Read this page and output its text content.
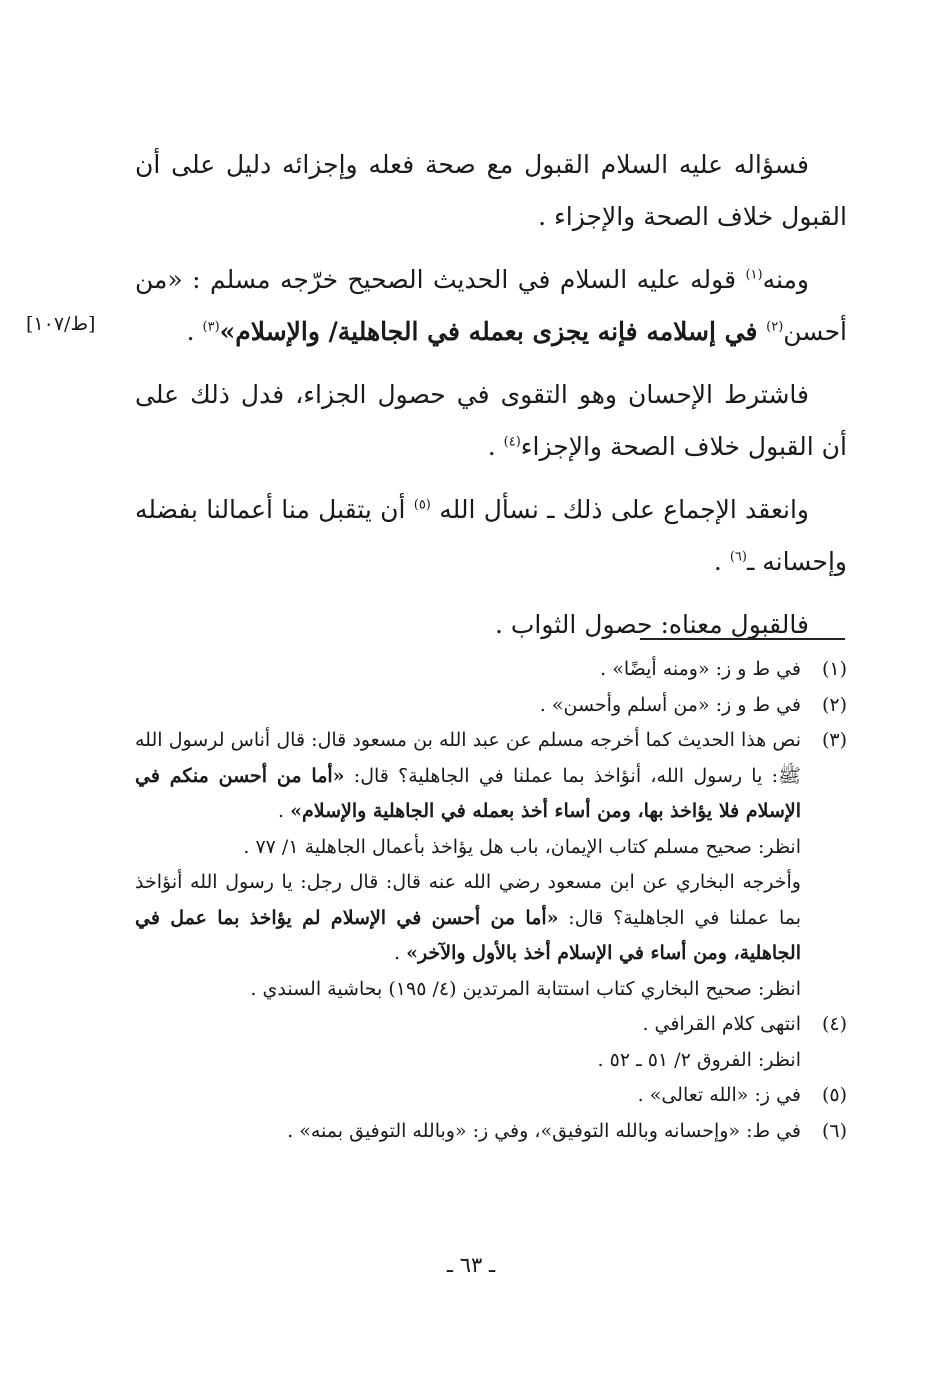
[ط/١٠٧]

فسؤاله عليه السلام القبول مع صحة فعله وإجزائه دليل على أن القبول خلاف الصحة والإجزاء .

ومنه$^{(١)}$ قوله عليه السلام في الحديث الصحيح خرّجه مسلم : «من أحسن$^{(٢)}$ في إسلامه فإنه يجزى بعمله في الجاهلية/ والإسلام»$^{(٣)}$ .

فاشترط الإحسان وهو التقوى في حصول الجزاء، فدل ذلك على أن القبول خلاف الصحة والإجزاء$^{(٤)}$ .

وانعقد الإجماع على ذلك ـ نسأل الله $^{(٥)}$ أن يتقبل منا أعمالنا بفضله وإحسانه ـ$^{(٦)}$ .

فالقبول معناه: حصول الثواب .

(١)
في ط و ز: «ومنه أيضًا» .
(٢)
في ط و ز: «من أسلم وأحسن» .
(٣)
نص هذا الحديث كما أخرجه مسلم عن عبد الله بن مسعود قال: قال أناس لرسول الله ﷺ: يا رسول الله، أنؤاخذ بما عملنا في الجاهلية؟ قال: «أما من أحسن منكم في الإسلام فلا يؤاخذ بها، ومن أساء أخذ بعمله في الجاهلية والإسلام» .
انظر: صحيح مسلم كتاب الإيمان، باب هل يؤاخذ بأعمال الجاهلية ١/ ٧٧ .
وأخرجه البخاري عن ابن مسعود رضي الله عنه قال: قال رجل: يا رسول الله أنؤاخذ بما عملنا في الجاهلية؟ قال: «أما من أحسن في الإسلام لم يؤاخذ بما عمل في الجاهلية، ومن أساء في الإسلام أخذ بالأول والآخر» .
انظر: صحيح البخاري كتاب استتابة المرتدين (٤/ ١٩٥) بحاشية السندي .
(٤)
انتهى كلام القرافي .
انظر: الفروق ٢/ ٥١ ـ ٥٢ .
(٥)
في ز: «الله تعالى» .
(٦)
في ط: «وإحسانه وبالله التوفيق»، وفي ز: «وبالله التوفيق بمنه» .
ـ ٦٣ ـ
